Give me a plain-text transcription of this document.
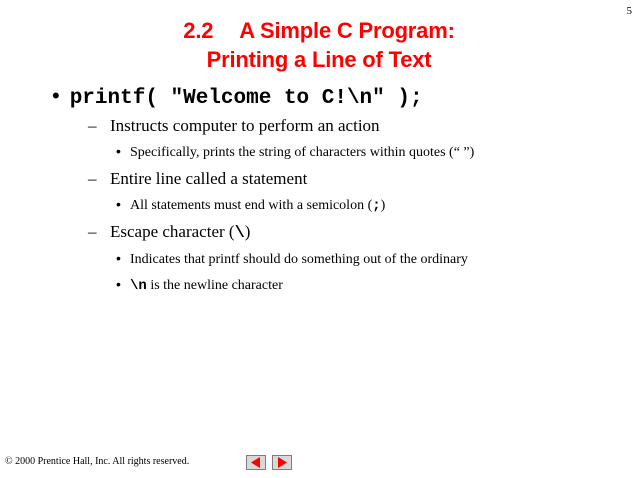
5
2.2 A Simple C Program:
Printing a Line of Text
• printf( "Welcome to C!\n" );
– Instructs computer to perform an action
• Specifically, prints the string of characters within quotes (“ ”)
– Entire line called a statement
• All statements must end with a semicolon (;)
– Escape character (\)
• Indicates that printf should do something out of the ordinary
• \n is the newline character
© 2000 Prentice Hall, Inc. All rights reserved.
